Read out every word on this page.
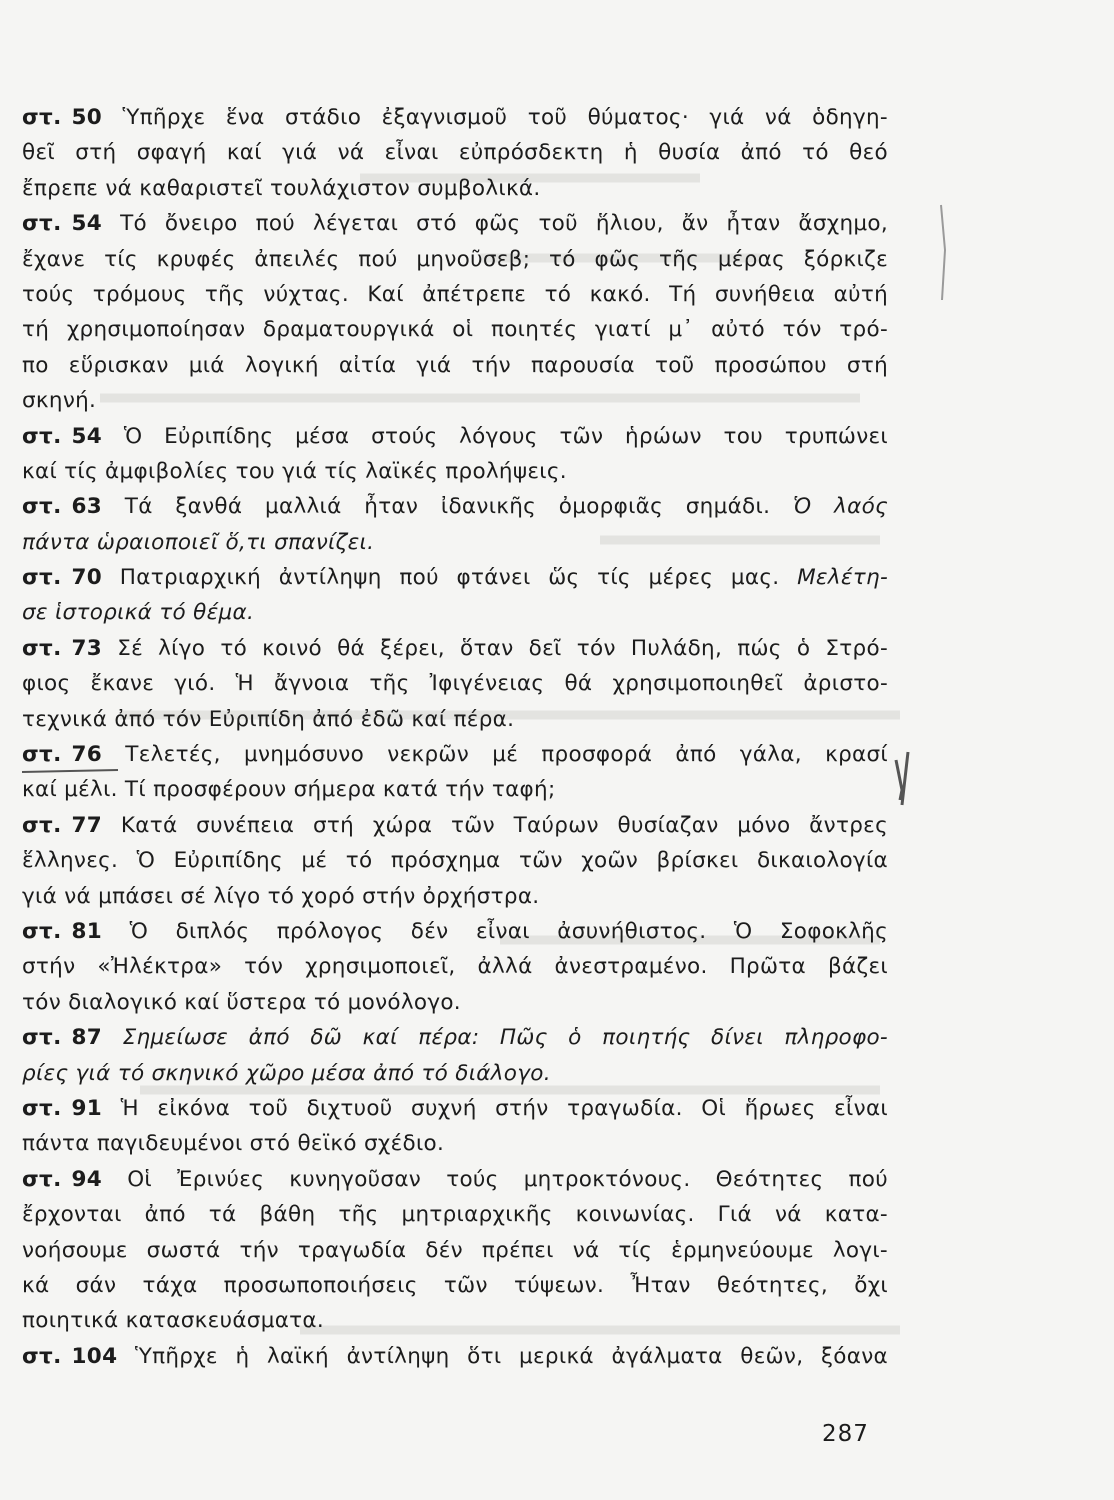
στ. 50 Ὑπῆρχε ἕνα στάδιο ἐξαγνισμοῦ τοῦ θύματος· γιά νά ὁδηγη-
θεῖ στή σφαγή καί γιά νά εἶναι εὐπρόσδεκτη ἡ θυσία ἀπό τό θεό
ἔπρεπε νά καθαριστεῖ τουλάχιστον συμβολικά.
στ. 54 Τό ὄνειρο πού λέγεται στό φῶς τοῦ ἥλιου, ἄν ἦταν ἄσχημο,
ἔχανε τίς κρυφές ἀπειλές πού μηνοῦσεβ; τό φῶς τῆς μέρας ξόρκιζε
τούς τρόμους τῆς νύχτας. Καί ἀπέτρεπε τό κακό. Τή συνήθεια αὐτή
τή χρησιμοποίησαν δραματουργικά οἱ ποιητές γιατί μ᾽ αὐτό τόν τρό-
πο εὕρισκαν μιά λογική αἰτία γιά τήν παρουσία τοῦ προσώπου στή
σκηνή.
στ. 54 Ὁ Εὐριπίδης μέσα στούς λόγους τῶν ἡρώων του τρυπώνει
καί τίς ἀμφιβολίες του γιά τίς λαϊκές προλήψεις.
στ. 63 Τά ξανθά μαλλιά ἦταν ἰδανικῆς ὀμορφιᾶς σημάδι. Ὁ λαός
πάντα ὡραιοποιεῖ ὅ,τι σπανίζει.
στ. 70 Πατριαρχική ἀντίληψη πού φτάνει ὥς τίς μέρες μας. Μελέτη-
σε ἱστορικά τό θέμα.
στ. 73 Σέ λίγο τό κοινό θά ξέρει, ὅταν δεῖ τόν Πυλάδη, πώς ὁ Στρό-
φιος ἔκανε γιό. Ἡ ἄγνοια τῆς Ἰφιγένειας θά χρησιμοποιηθεῖ ἀριστο-
τεχνικά ἀπό τόν Εὐριπίδη ἀπό ἐδῶ καί πέρα.
στ. 76 Τελετές, μνημόσυνο νεκρῶν μέ προσφορά ἀπό γάλα, κρασί
καί μέλι. Τί προσφέρουν σήμερα κατά τήν ταφή;
στ. 77 Κατά συνέπεια στή χώρα τῶν Ταύρων θυσίαζαν μόνο ἄντρες
ἕλληνες. Ὁ Εὐριπίδης μέ τό πρόσχημα τῶν χοῶν βρίσκει δικαιολογία
γιά νά μπάσει σέ λίγο τό χορό στήν ὀρχήστρα.
στ. 81 Ὁ διπλός πρόλογος δέν εἶναι ἀσυνήθιστος. Ὁ Σοφοκλῆς
στήν «Ἠλέκτρα» τόν χρησιμοποιεῖ, ἀλλά ἀνεστραμένο. Πρῶτα βάζει
τόν διαλογικό καί ὕστερα τό μονόλογο.
στ. 87 Σημείωσε ἀπό δῶ καί πέρα: Πῶς ὁ ποιητής δίνει πληροφο-
ρίες γιά τό σκηνικό χῶρο μέσα ἀπό τό διάλογο.
στ. 91 Ἡ εἰκόνα τοῦ διχτυοῦ συχνή στήν τραγωδία. Οἱ ἥρωες εἶναι
πάντα παγιδευμένοι στό θεϊκό σχέδιο.
στ. 94 Οἱ Ἐρινύες κυνηγοῦσαν τούς μητροκτόνους. Θεότητες πού
ἔρχονται ἀπό τά βάθη τῆς μητριαρχικῆς κοινωνίας. Γιά νά κατα-
νοήσουμε σωστά τήν τραγωδία δέν πρέπει νά τίς ἑρμηνεύουμε λογι-
κά σάν τάχα προσωποποιήσεις τῶν τύψεων. Ἦταν θεότητες, ὄχι
ποιητικά κατασκευάσματα.
στ. 104 Ὑπῆρχε ἡ λαϊκή ἀντίληψη ὅτι μερικά ἀγάλματα θεῶν, ξόανα
287
